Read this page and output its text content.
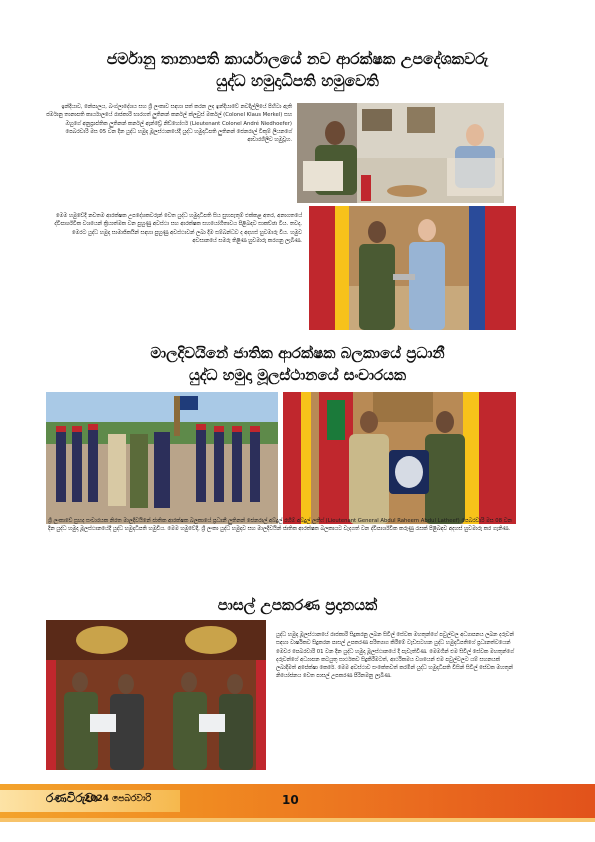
ජර්මානු තානාපති කාර්යාලයේ නව ආරක්ෂක උපදේශකවරු
යුද්ධ හමුදාධිපති හමුවෙති
ඉන්දියාව, නේපාලය, බංග්ලාදේශය සහ ශ්‍රී ලංකාව සඳහා පත් කරන ලද ඉන්දියාවේ නවදිල්ලියේ පිහිටා ඇති ජර්මානු තානාපති කාර්යාලයේ රාජකාරි භාරගත් ලුතිනන් කර්නල් ක්ලවුස් මර්කල් (Colonel Klaus Merkel) සහ ඔහුගේ අනුප්‍රාප්තික ලුතිනන් කර්නල් ඇන්ඩ්‍රේ නිඩ්හෝෆර් (Lieutenant Colonel André Niedhoefer) පෙබරවාරි මස 05 වන දින යුද්ධ හමුදා මූලස්ථානයේදී යුද්ධ හමුදාධිපති ලුතිනන් ජෙනරාල් විකුම් ලියනගේ ආචාරශීලීව හමුවූහ.
මෙම හමුවේදී නවතම ආරක්ෂක උපදේශකවරුන් වෙත යුද්ධ හමුදාධිපති සිය සුභපැතුම් එක්කළ අතර, අනාගතයේ ද්විපාර්ශ්වික වශයෙන් ක්‍රියාත්මක වන පුහුණු අවස්ථා සහ ආරක්ෂක සහයෝගීතාවය පිළිබඳව සාකච්ඡා විය. තවද, මෙරට යුද්ධ හමුදා සාමාජිකයින් සඳහා පුහුණු අවස්ථාවන් ලබා දීම සම්බන්ධව ද අදහස් හුවමාරු විය. හමුව අවසානයේ සමරු තිළිණ හුවමාරු කරගනු ලැබිණ.
මාලදිවයිනේ ජාතික ආරක්ෂක බලකායේ ප්‍රධානී
යුද්ධ හමුදා මූලස්ථානයේ සංචාරයක
ශ්‍රී ලංකාවේ සුහද සංචාරයක නිරත මාලදිවයිනේ ජාතික ආරක්ෂක බලකායේ ප්‍රධානී ලුතිනන් ජෙනරාල් අබ්දුල් රහීම් අබ්දුල් ලතීෆ් (Lieutenant General Abdul Raheem Abdul Latheef) පෙබරවාරි මස 08 වන දින යුද්ධ හමුදා මූලස්ථානයේදී යුද්ධ හමුදාධිපති හමුවිය. මෙම හමුවේදී, ශ්‍රී ලංකා යුද්ධ හමුදාව සහ මාලදිවයින් ජාතික ආරක්ෂක බලකායට වැදගත් වන ද්විපාර්ශ්වික කරුණු රැසක් පිළිබඳව අදහස් හුවමාරු කර ගැනිණ.
පාසල් උපකරණ ප්‍රදානයක්
යුද්ධ හමුදා මූලස්ථානයේ රාජකාරි සිදුකරනු ලබන සිවිල් සේවක මහතුන්ගේ පවුල්වල අධ්‍යාපනය ලබන දරුවන් සඳහා වාර්ෂිකව සිදුකරන පාසල් උපකරණ පරිත්‍යාග කිරීමේ වැඩසටහන යුද්ධ හමුදාධිපතිගේ ප්‍රධානත්වයෙන් මෙවර පෙබරවාරි 01 වන දින යුද්ධ හමුදා මූලස්ථානයේ දී පැවැත්විණ. මෙමගින් එම සිවිල් සේවක මහතුන්ගේ දරුවන්ගේ අධ්‍යාපන කටයුතු සාර්ථකව සිදුකිරීමටත්, ආර්ථිකමය වශයෙන් එම පවුල්වලට යම් සහනයක් ලබාදීමත් අපේක්ෂා කෙරේ. මෙම අවස්ථාව සංකේතවත් කරමින් යුද්ධ හමුදාධිපති විසින් සිවිල් සේවක මහතුන් නියෝජනය වෙත පාසල් උපකරණ පිරිනමනු ලැබිණ.
රණවිරුවා
2024 පෙබරවාරි	10
